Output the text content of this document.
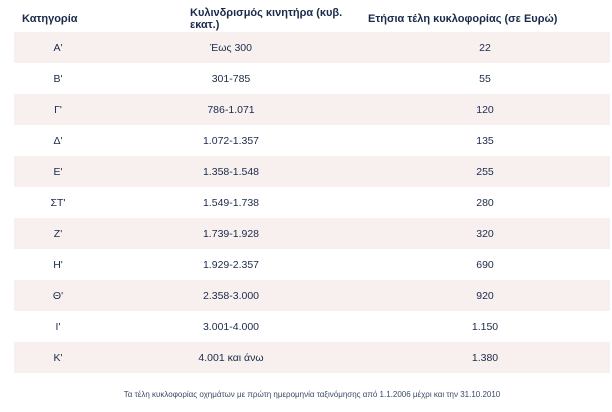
Κατηγορία	Κυλινδρισμός κινητήρα (κυβ. εκατ.)	Ετήσια τέλη κυκλοφορίας (σε Ευρώ)
Α'	Έως 300	22
Β'	301-785	55
Γ'	786-1.071	120
Δ'	1.072-1.357	135
Ε'	1.358-1.548	255
ΣΤ'	1.549-1.738	280
Ζ'	1.739-1.928	320
Η'	1.929-2.357	690
Θ'	2.358-3.000	920
Ι'	3.001-4.000	1.150
Κ'	4.001 και άνω	1.380
Τα τέλη κυκλοφορίας οχημάτων με πρώτη ημερομηνία ταξινόμησης από 1.1.2006 μέχρι και την 31.10.2010
